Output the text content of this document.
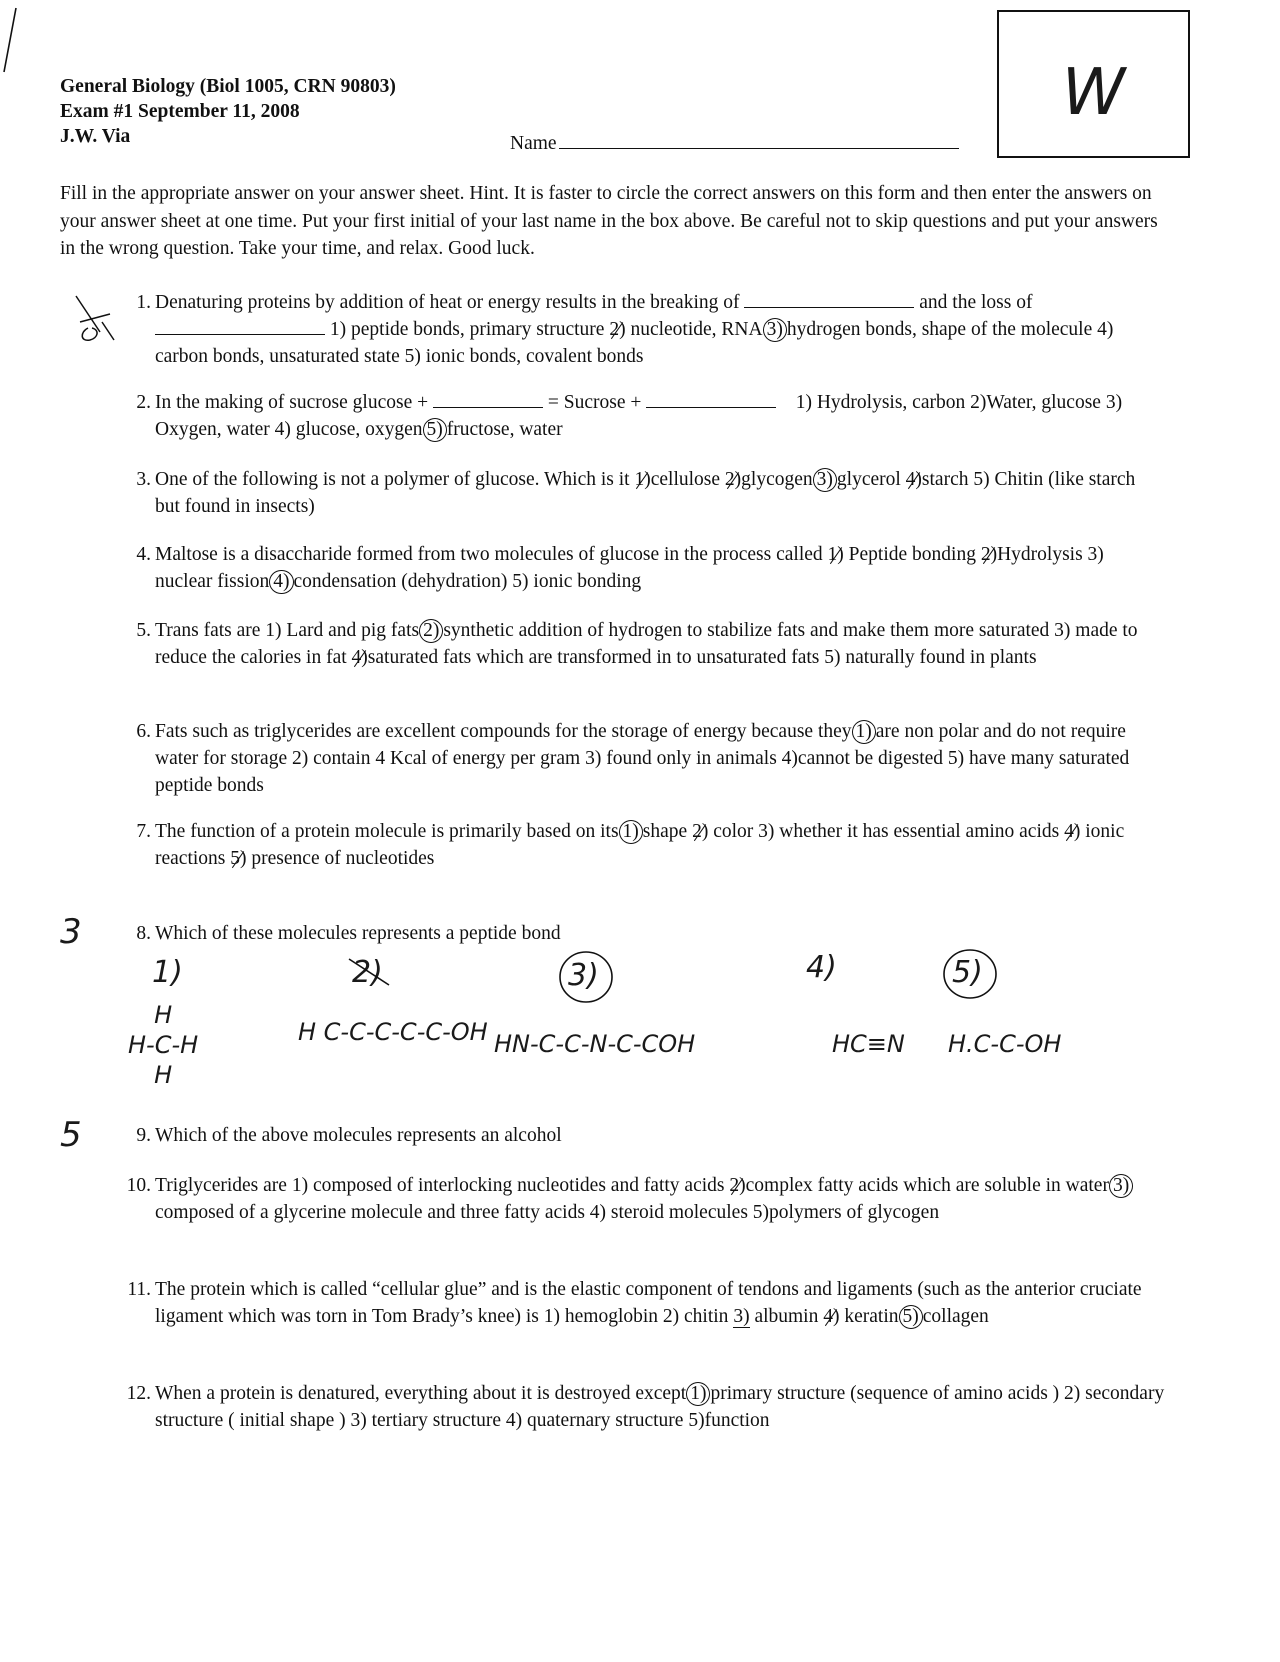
General Biology (Biol 1005, CRN 90803)
Exam #1 September 11, 2008
J.W. Via	Name
W
Fill in the appropriate answer on your answer sheet. Hint. It is faster to circle the correct answers on this form and then enter the answers on your answer sheet at one time. Put your first initial of your last name in the box above. Be careful not to skip questions and put your answers in the wrong question. Take your time, and relax. Good luck.
1. Denaturing proteins by addition of heat or energy results in the breaking of	and the loss of  1) peptide bonds, primary structure 2) nucleotide, RNA 3) hydrogen bonds, shape of the molecule 4) carbon bonds, unsaturated state 5) ionic bonds, covalent bonds
2. In the making of sucrose glucose +	= Sucrose +	1) Hydrolysis, carbon 2)Water, glucose 3) Oxygen, water 4) glucose, oxygen 5) fructose, water
3. One of the following is not a polymer of glucose. Which is it 1)cellulose 2)glycogen 3) glycerol 4)starch 5) Chitin (like starch but found in insects)
4. Maltose is a disaccharide formed from two molecules of glucose in the process called 1) Peptide bonding 2)Hydrolysis 3) nuclear fission 4) condensation (dehydration) 5) ionic bonding
5. Trans fats are 1) Lard and pig fats 2) synthetic addition of hydrogen to stabilize fats and make them more saturated 3) made to reduce the calories in fat 4)saturated fats which are transformed in to unsaturated fats 5) naturally found in plants
6. Fats such as triglycerides are excellent compounds for the storage of energy because they 1) are non polar and do not require water for storage 2) contain 4 Kcal of energy per gram 3) found only in animals 4)cannot be digested 5) have many saturated peptide bonds
7. The function of a protein molecule is primarily based on its 1) shape 2) color 3) whether it has essential amino acids 4) ionic reactions 5) presence of nucleotides
3	8. Which of these molecules represents a peptide bond
1)
H
H-C-H
H
2)
H C-C-C-C-C-OH
3)
HN-C-C-N-C-COH
4)
HC≡N
5)
H.C-C-OH
5	9. Which of the above molecules represents an alcohol
10. Triglycerides are 1) composed of interlocking nucleotides and fatty acids 2)complex fatty acids which are soluble in water 3)composed of a glycerine molecule and three fatty acids 4) steroid molecules 5)polymers of glycogen
11. The protein which is called “cellular glue” and is the elastic component of tendons and ligaments (such as the anterior cruciate ligament which was torn in Tom Brady’s knee) is 1) hemoglobin 2) chitin 3) albumin 4) keratin 5) collagen
12. When a protein is denatured, everything about it is destroyed except 1) primary structure (sequence of amino acids ) 2) secondary structure ( initial shape ) 3) tertiary structure 4) quaternary structure 5)function
